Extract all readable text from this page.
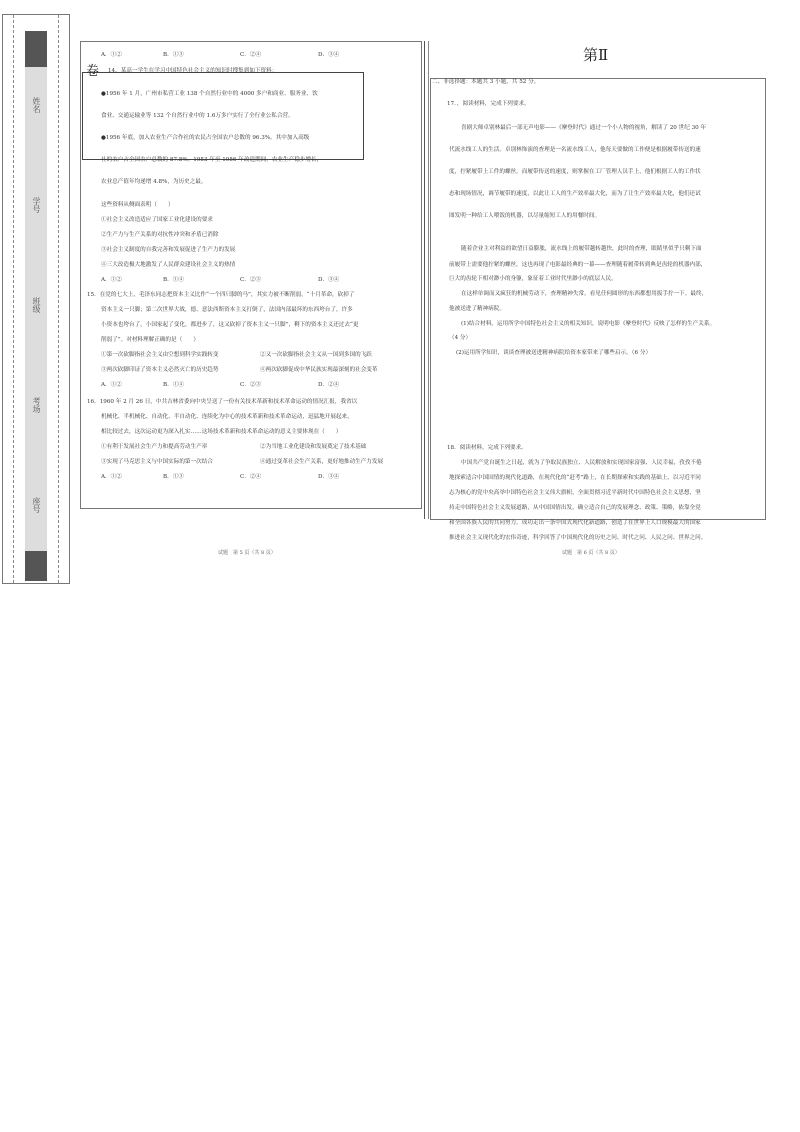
姓名
学号
班级
考场
座号
A．①②	B．①③	C．②④	D．③④
卷 14．某高一学生在学习中国特色社会主义的知识时搜集到如下资料：
●1956 年 1 月，广州市私营工业 138 个自然行业中的 4000 多户和商业、服务业、饮
食业、交通运输业等 132 个自然行业中的 1.6万多户实行了全行业公私合营。
●1956 年底，加入农业生产合作社的农民占全国农户总数的 96.3%。其中加入高级
社的农户占全国农户总数的 87.8%。1953 年至 1956 年改造期间，农业生产稳步增长，
农业总产值年均递增 4.8%，为历史之最。
这些资料从侧面表明（　　）
①社会主义改造适应了国家工业化建设的要求
②生产力与生产关系的对抗性冲突和矛盾已消除
③社会主义制度的自我完善和发展促进了生产力的发展
④三大改造极大地激发了人民群众建设社会主义的热情
A．①②	B．①④	C．②③	D．③④
15．在党的七大上，毛泽东同志把资本主义比作“一个四只脚的马”，其实力被不断削弱。“十月革命，砍掉了
资本主义一只脚；第二次世界大战，德、意法西斯资本主义打倒了，法国内部最坏的东西垮台了，许多
小资本也垮台了，小国家起了变化。都进步了，这又砍掉了资本主义一只脚”，剩下的资本主义还过去“更
削弱了”。对材料理解正确的是（　　）
①第一次砍脚指社会主义由空想到科学实践转变	②又一次砍脚指社会主义从一国到多国的飞跃
③两次砍脚印证了资本主义必然灭亡的历史趋势	④两次砍脚促成中华民族实现最深刻的社会变革
A．①②	B．①④	C．②③	D．②④
16．1960 年 2 月 26 日，中共吉林省委向中央呈送了一份有关技术革新和技术革命运动的情况汇报，我省以
机械化、半机械化、自动化、半自动化、连续化为中心的技术革新和技术革命运动，迅猛地开展起来，
相比较过去，这次运动更为深入扎实……这场技术革新和技术革命运动的意义主要体现在（　　）
①有利于发展社会生产力和提高劳动生产率	②为当地工业化建设和发展奠定了技术基础
③实现了马克思主义与中国实际的第一次结合	④通过变革社会生产关系，更好地推动生产力发展
A．①②	B．①③	C．②④	D．③④
试题　第 5 页（共 8 页）
第Ⅱ
二、非选择题：本题共 3 小题，共 52 分。
17．，阅读材料，完成下列要求。
喜剧大师卓别林最后一部无声电影——《摩登时代》通过一个小人物的视角，解读了 20 世纪 30 年
代流水线工人的生活。卓别林饰演的查理是一名流水线工人，他每天要做的工作便是根据履带传送的速
度，拧紧履带上工件的螺丝。而履带传送的速度，则掌握在工厂管理人员手上，他们根据工人的工作状
态和现场情况，调节履带的速度，以此让工人的生产效率最大化，而为了让生产效率最大化，他们还试
图发明一种给工人喂饭的机器，以尽量缩短工人的用餐时间。
随着企业主对利益的欲望日益膨胀，流水线上的履带越转越快，此时的查理，眼睛里似乎只剩下面
前履带上需要他拧紧的螺丝。这也再现了电影最经典的一幕——查理随着履带转到典是齿轮的机器内部，
巨大的齿轮下相对渺小的身躯，象征着工业时代里渺小的底层人民。
在这样单调而又疯狂的机械劳动下，查理精神失常，看见任何圆形的东西都想用扳手拧一下。最终，
他被送进了精神病院。
(1)结合材料，运用所学中国特色社会主义的相关知识，说明电影《摩登时代》反映了怎样的生产关系。
（4 分）
(2)运用所学知识，谈谈查理被送进精神病院给资本家带来了哪些启示。（6 分）
18．阅读材料，完成下列要求。
中国共产党自诞生之日起，就为了争取民族独立、人民解放和实现国家富强、人民幸福，孜孜不倦
地探索适合中国国情的现代化道路，在现代化的“赶考”路上，在长期探索和实践的基础上，以习近平同
志为核心的党中央高举中国特色社会主义伟大旗帜，全面贯彻习近平新时代中国特色社会主义思想，坚
持走中国特色社会主义发展道路，从中国国情出发，确立适合自己的发展理念、政策、策略，依靠全党
和全国各族人民的共同努力，成功走出一条中国式现代化新道路，创造了在世界上人口规模最大的国家
推进社会主义现代化的宏伟奇迹，科学回答了中国现代化的历史之问、时代之问、人民之问、世界之问。
试题　第 6 页（共 8 页）
